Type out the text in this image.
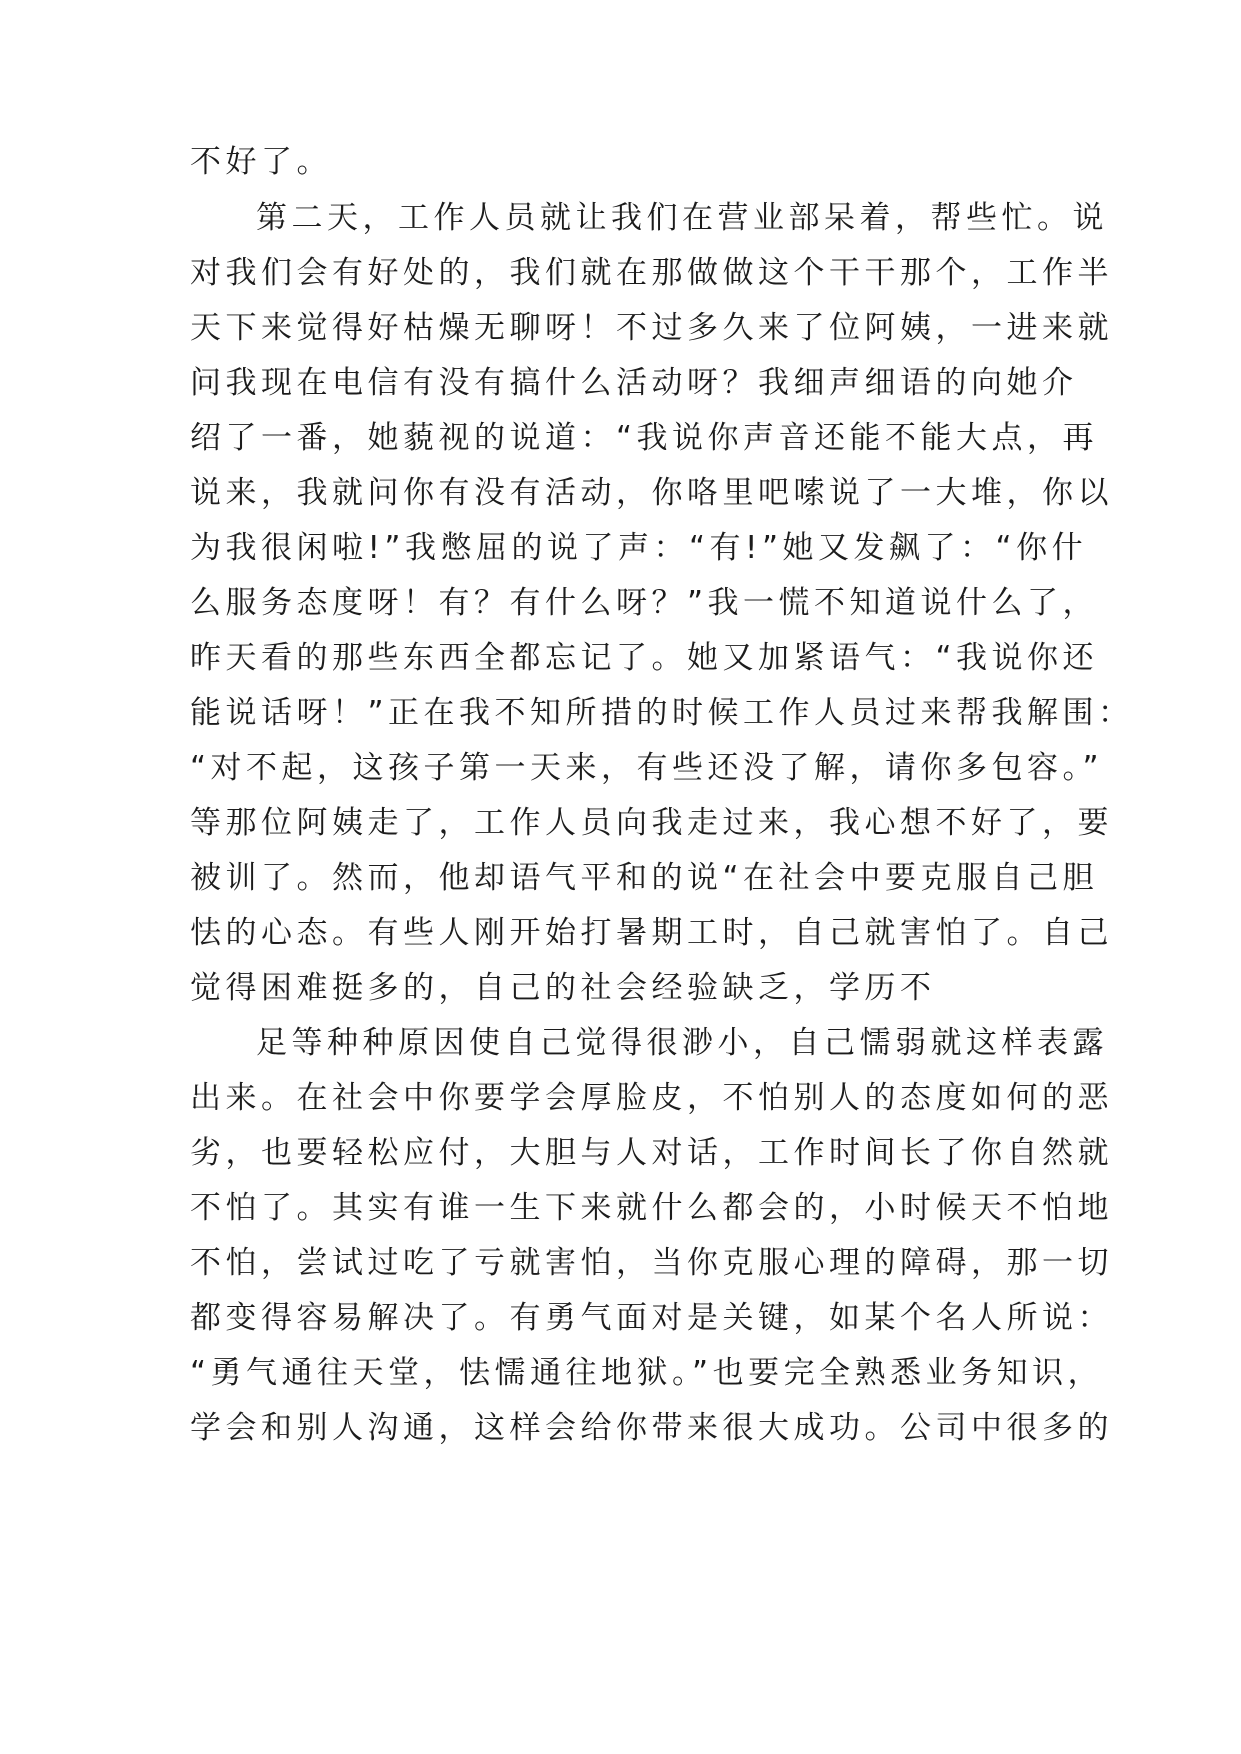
不好了。
第二天，工作人员就让我们在营业部呆着，帮些忙。说
对我们会有好处的，我们就在那做做这个干干那个，工作半
天下来觉得好枯燥无聊呀！不过多久来了位阿姨，一进来就
问我现在电信有没有搞什么活动呀？我细声细语的向她介
绍了一番，她藐视的说道：“我说你声音还能不能大点，再
说来，我就问你有没有活动，你咯里吧嗦说了一大堆，你以
为我很闲啦!”我憋屈的说了声：“有!”她又发飙了：“你什
么服务态度呀！有？有什么呀？”我一慌不知道说什么了，
昨天看的那些东西全都忘记了。她又加紧语气：“我说你还
能说话呀！”正在我不知所措的时候工作人员过来帮我解围：
“对不起，这孩子第一天来，有些还没了解，请你多包容。”
等那位阿姨走了，工作人员向我走过来，我心想不好了，要
被训了。然而，他却语气平和的说“在社会中要克服自己胆
怯的心态。有些人刚开始打暑期工时，自己就害怕了。自己
觉得困难挺多的，自己的社会经验缺乏，学历不
足等种种原因使自己觉得很渺小，自己懦弱就这样表露
出来。在社会中你要学会厚脸皮，不怕别人的态度如何的恶
劣，也要轻松应付，大胆与人对话，工作时间长了你自然就
不怕了。其实有谁一生下来就什么都会的，小时候天不怕地
不怕，尝试过吃了亏就害怕，当你克服心理的障碍，那一切
都变得容易解决了。有勇气面对是关键，如某个名人所说：
“勇气通往天堂，怯懦通往地狱。”也要完全熟悉业务知识，
学会和别人沟通，这样会给你带来很大成功。公司中很多的
